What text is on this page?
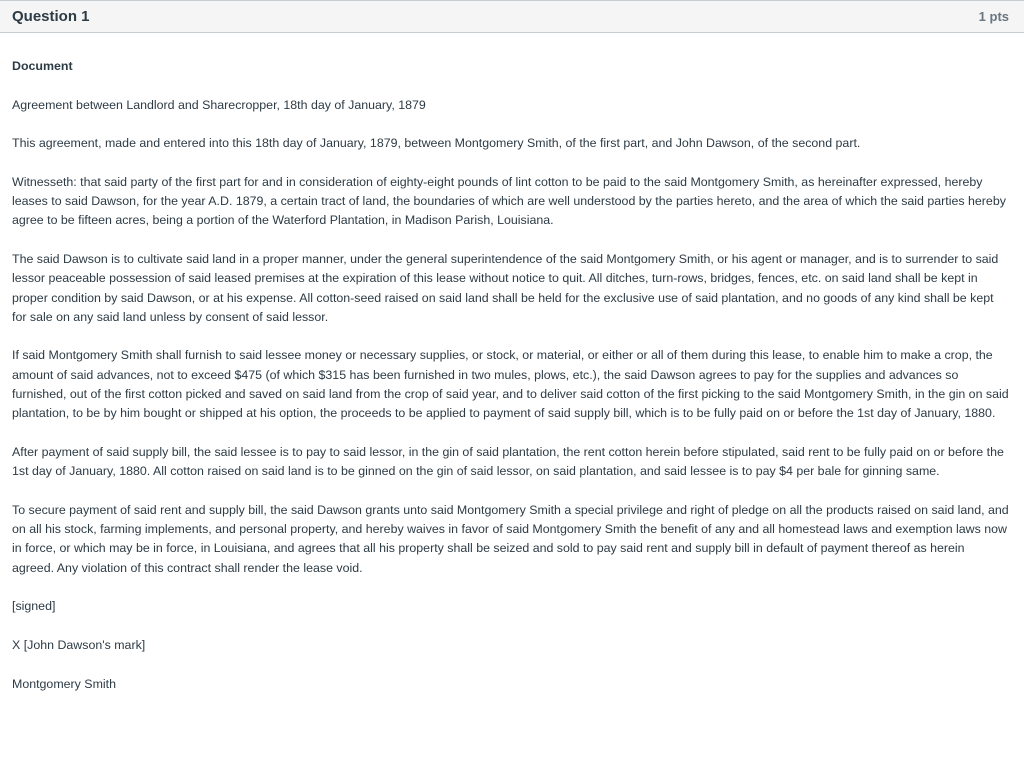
Question 1	1 pts

Document

Agreement between Landlord and Sharecropper, 18th day of January, 1879

This agreement, made and entered into this 18th day of January, 1879, between Montgomery Smith, of the first part, and John Dawson, of the second part.

Witnesseth: that said party of the first part for and in consideration of eighty-eight pounds of lint cotton to be paid to the said Montgomery Smith, as hereinafter expressed, hereby leases to said Dawson, for the year A.D. 1879, a certain tract of land, the boundaries of which are well understood by the parties hereto, and the area of which the said parties hereby agree to be fifteen acres, being a portion of the Waterford Plantation, in Madison Parish, Louisiana.

The said Dawson is to cultivate said land in a proper manner, under the general superintendence of the said Montgomery Smith, or his agent or manager, and is to surrender to said lessor peaceable possession of said leased premises at the expiration of this lease without notice to quit. All ditches, turn-rows, bridges, fences, etc. on said land shall be kept in proper condition by said Dawson, or at his expense. All cotton-seed raised on said land shall be held for the exclusive use of said plantation, and no goods of any kind shall be kept for sale on any said land unless by consent of said lessor.

If said Montgomery Smith shall furnish to said lessee money or necessary supplies, or stock, or material, or either or all of them during this lease, to enable him to make a crop, the amount of said advances, not to exceed $475 (of which $315 has been furnished in two mules, plows, etc.), the said Dawson agrees to pay for the supplies and advances so furnished, out of the first cotton picked and saved on said land from the crop of said year, and to deliver said cotton of the first picking to the said Montgomery Smith, in the gin on said plantation, to be by him bought or shipped at his option, the proceeds to be applied to payment of said supply bill, which is to be fully paid on or before the 1st day of January, 1880.

After payment of said supply bill, the said lessee is to pay to said lessor, in the gin of said plantation, the rent cotton herein before stipulated, said rent to be fully paid on or before the 1st day of January, 1880. All cotton raised on said land is to be ginned on the gin of said lessor, on said plantation, and said lessee is to pay $4 per bale for ginning same.

To secure payment of said rent and supply bill, the said Dawson grants unto said Montgomery Smith a special privilege and right of pledge on all the products raised on said land, and on all his stock, farming implements, and personal property, and hereby waives in favor of said Montgomery Smith the benefit of any and all homestead laws and exemption laws now in force, or which may be in force, in Louisiana, and agrees that all his property shall be seized and sold to pay said rent and supply bill in default of payment thereof as herein agreed. Any violation of this contract shall render the lease void.

[signed]

X [John Dawson's mark]

Montgomery Smith
